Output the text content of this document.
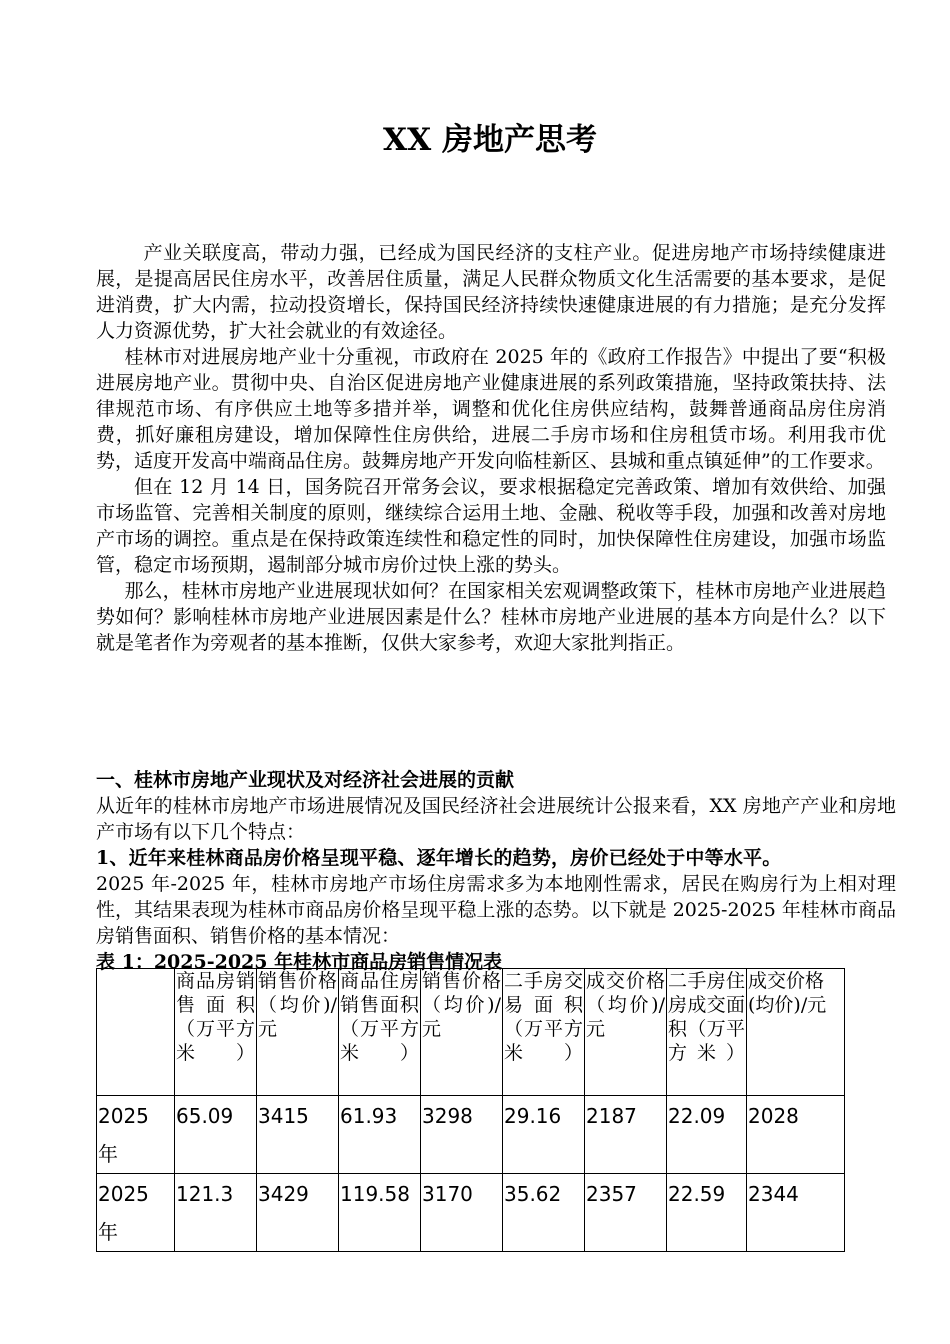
XX 房地产思考

产业关联度高，带动力强，已经成为国民经济的支柱产业。促进房地产市场持续健康进展，是提高居民住房水平，改善居住质量，满足人民群众物质文化生活需要的基本要求，是促进消费，扩大内需，拉动投资增长，保持国民经济持续快速健康进展的有力措施；是充分发挥人力资源优势，扩大社会就业的有效途径。

桂林市对进展房地产业十分重视，市政府在 2025 年的《政府工作报告》中提出了要“积极进展房地产业。贯彻中央、自治区促进房地产业健康进展的系列政策措施，坚持政策扶持、法律规范市场、有序供应土地等多措并举，调整和优化住房供应结构，鼓舞普通商品房住房消费，抓好廉租房建设，增加保障性住房供给，进展二手房市场和住房租赁市场。利用我市优势，适度开发高中端商品住房。鼓舞房地产开发向临桂新区、县城和重点镇延伸”的工作要求。

但在 12 月 14 日，国务院召开常务会议，要求根据稳定完善政策、增加有效供给、加强市场监管、完善相关制度的原则，继续综合运用土地、金融、税收等手段，加强和改善对房地产市场的调控。重点是在保持政策连续性和稳定性的同时，加快保障性住房建设，加强市场监管，稳定市场预期，遏制部分城市房价过快上涨的势头。

那么，桂林市房地产业进展现状如何？在国家相关宏观调整政策下，桂林市房地产业进展趋势如何？影响桂林市房地产业进展因素是什么？桂林市房地产业进展的基本方向是什么？以下就是笔者作为旁观者的基本推断，仅供大家参考，欢迎大家批判指正。

一、桂林市房地产业现状及对经济社会进展的贡献

从近年的桂林市房地产市场进展情况及国民经济社会进展统计公报来看，XX 房地产产业和房地产市场有以下几个特点：

1、近年来桂林商品房价格呈现平稳、逐年增长的趋势，房价已经处于中等水平。

2025 年-2025 年，桂林市房地产市场住房需求多为本地刚性需求，居民在购房行为上相对理性，其结果表现为桂林市商品房价格呈现平稳上涨的态势。以下就是 2025-2025 年桂林市商品房销售面积、销售价格的基本情况：

表 1：2025-2025 年桂林市商品房销售情况表

	商品房销售面积（万平方米）	销售价格（均价)/ 元	商品住房销售面积（万平方米）	销售价格（均价)/元	二手房交易面积（万平方米）	成交价格（均价)/元	二手房住房成交面积（万平方米）	成交价格(均价)/元
2025 年	65.09	3415	61.93	3298	29.16	2187	22.09	2028
2025 年	121.3	3429	119.58	3170	35.62	2357	22.59	2344
